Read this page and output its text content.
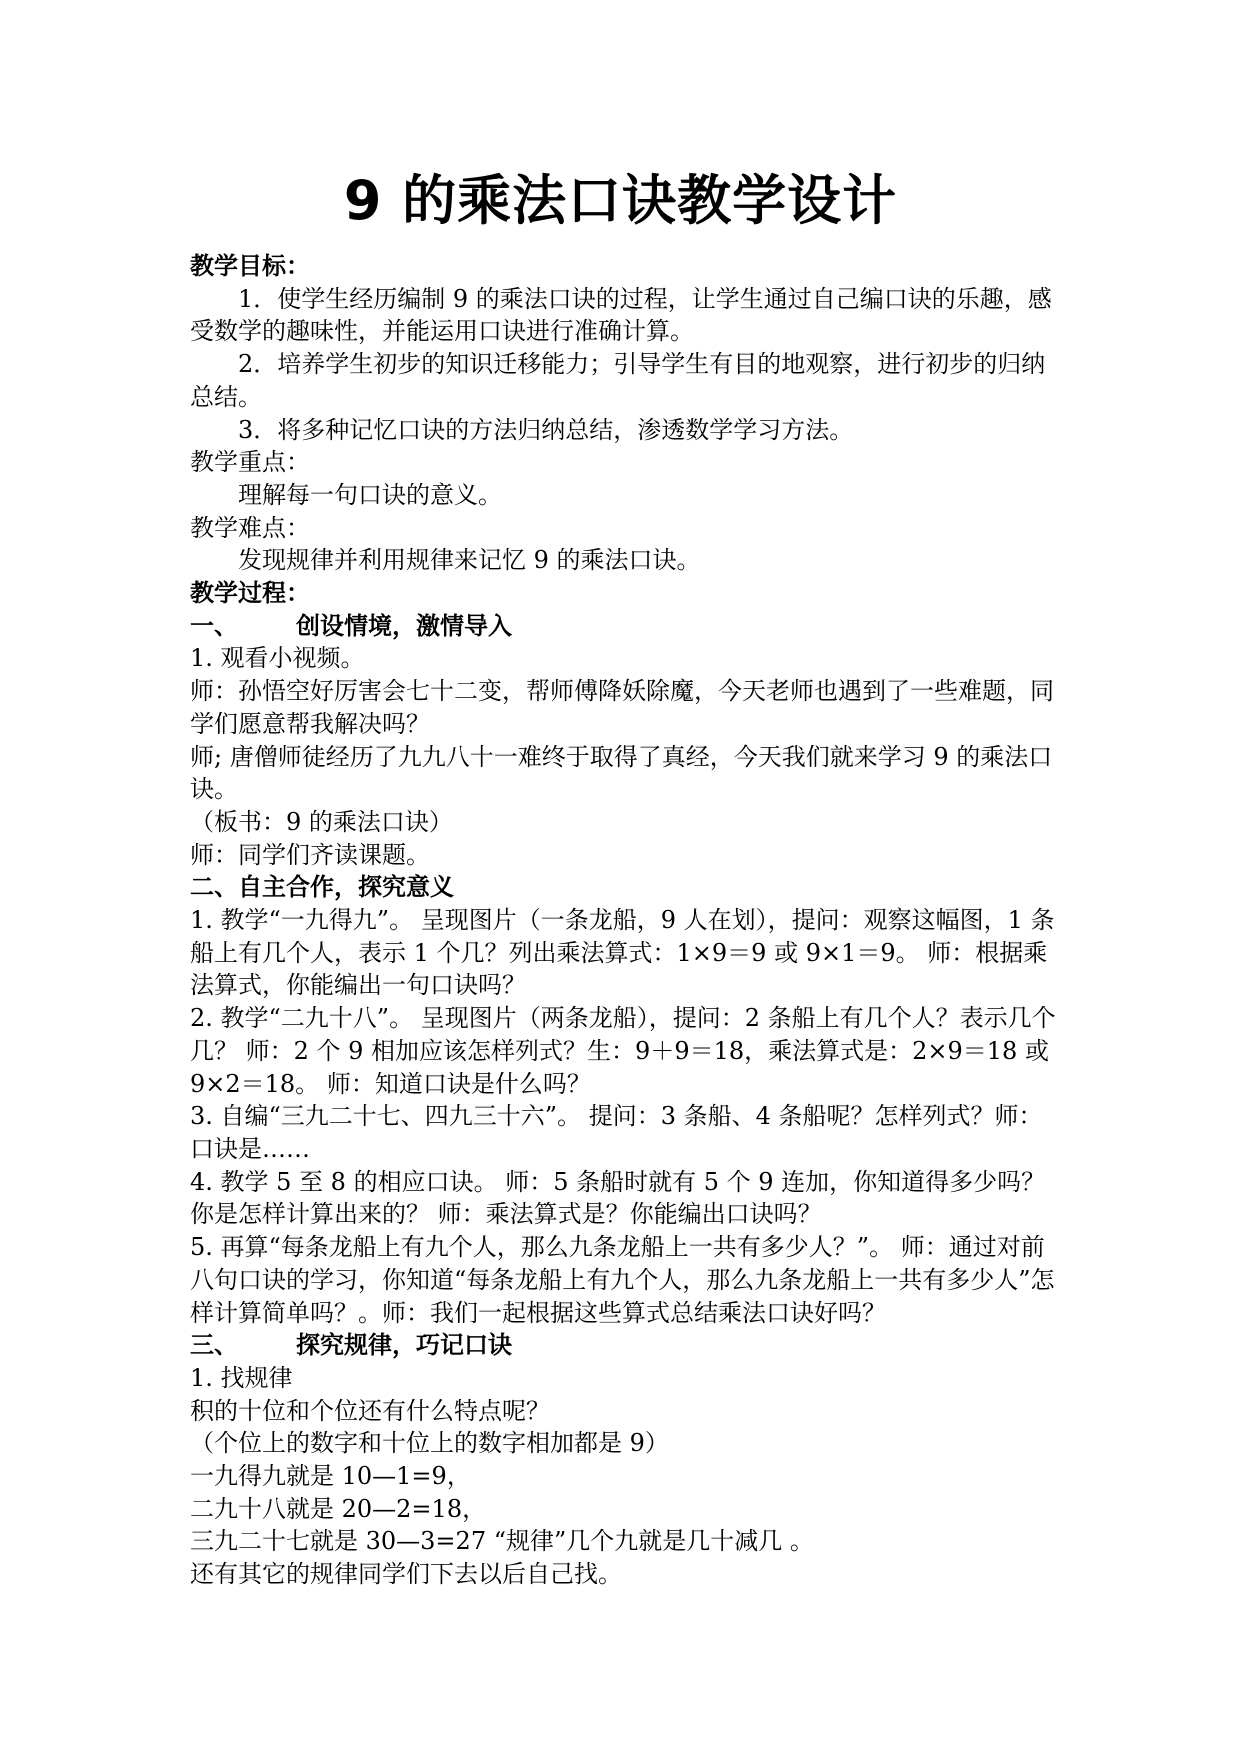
9 的乘法口诀教学设计

教学目标：

1．使学生经历编制 9 的乘法口诀的过程，让学生通过自己编口诀的乐趣，感受数学的趣味性，并能运用口诀进行准确计算。

2．培养学生初步的知识迁移能力；引导学生有目的地观察，进行初步的归纳总结。

3．将多种记忆口诀的方法归纳总结，渗透数学学习方法。

教学重点：

理解每一句口诀的意义。

教学难点：

发现规律并利用规律来记忆 9 的乘法口诀。

教学过程：

一、 创设情境，激情导入

1. 观看小视频。

师：孙悟空好厉害会七十二变，帮师傅降妖除魔，今天老师也遇到了一些难题，同学们愿意帮我解决吗？

师; 唐僧师徒经历了九九八十一难终于取得了真经，今天我们就来学习 9 的乘法口诀。

（板书：9 的乘法口诀）

师：同学们齐读课题。

二、自主合作，探究意义

1. 教学“一九得九”。 呈现图片（一条龙船，9 人在划），提问：观察这幅图，1 条船上有几个人，表示 1 个几？列出乘法算式：1×9＝9 或 9×1＝9。 师：根据乘法算式，你能编出一句口诀吗？

2. 教学“二九十八”。 呈现图片（两条龙船），提问：2 条船上有几个人？表示几个几？ 师：2 个 9 相加应该怎样列式？生：9＋9＝18，乘法算式是：2×9＝18 或 9×2＝18。 师：知道口诀是什么吗？

3. 自编“三九二十七、四九三十六”。 提问：3 条船、4 条船呢？怎样列式？师：口诀是……

4. 教学 5 至 8 的相应口诀。 师：5 条船时就有 5 个 9 连加，你知道得多少吗？你是怎样计算出来的？ 师：乘法算式是？你能编出口诀吗？

5. 再算“每条龙船上有九个人，那么九条龙船上一共有多少人？”。 师：通过对前八句口诀的学习，你知道“每条龙船上有九个人，那么九条龙船上一共有多少人”怎样计算简单吗？。师：我们一起根据这些算式总结乘法口诀好吗？

三、 探究规律，巧记口诀

1. 找规律

积的十位和个位还有什么特点呢？

（个位上的数字和十位上的数字相加都是 9）

一九得九就是 10—1=9，

二九十八就是 20—2=18，

三九二十七就是 30—3=27 “规律”几个九就是几十减几 。

还有其它的规律同学们下去以后自己找。
